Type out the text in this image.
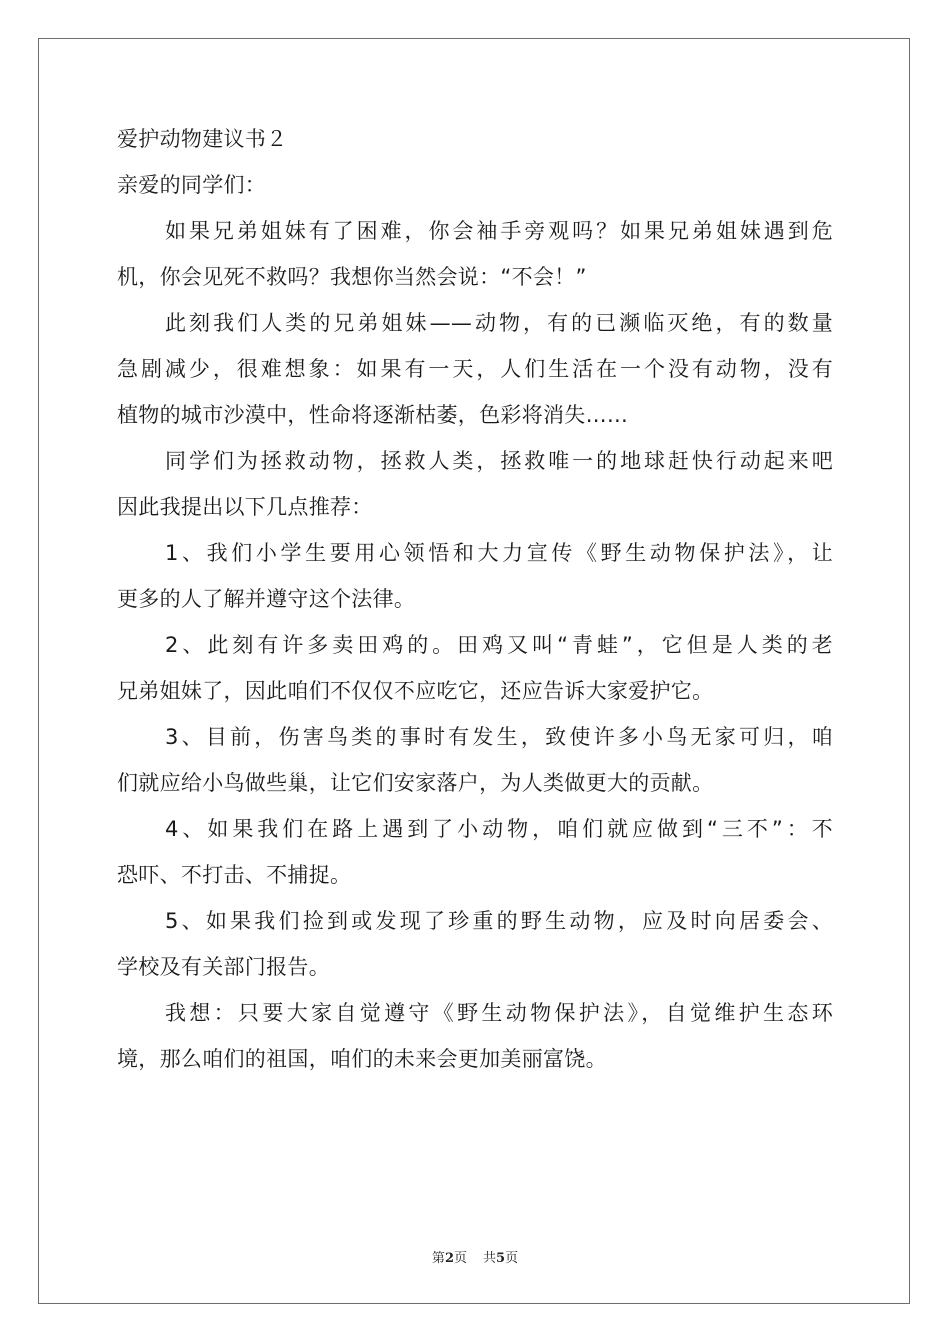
爱护动物建议书２
亲爱的同学们：
如果兄弟姐妹有了困难，你会袖手旁观吗？如果兄弟姐妹遇到危
机，你会见死不救吗？我想你当然会说：“不会！”
此刻我们人类的兄弟姐妹——动物，有的已濒临灭绝，有的数量
急剧减少，很难想象：如果有一天，人们生活在一个没有动物，没有
植物的城市沙漠中，性命将逐渐枯萎，色彩将消失……
同学们为拯救动物，拯救人类，拯救唯一的地球赶快行动起来吧
因此我提出以下几点推荐：
1、我们小学生要用心领悟和大力宣传《野生动物保护法》，让
更多的人了解并遵守这个法律。
2、此刻有许多卖田鸡的。田鸡又叫“青蛙”，它但是人类的老
兄弟姐妹了，因此咱们不仅仅不应吃它，还应告诉大家爱护它。
3、目前，伤害鸟类的事时有发生，致使许多小鸟无家可归，咱
们就应给小鸟做些巢，让它们安家落户，为人类做更大的贡献。
4、如果我们在路上遇到了小动物，咱们就应做到“三不”：不
恐吓、不打击、不捕捉。
5、如果我们捡到或发现了珍重的野生动物，应及时向居委会、
学校及有关部门报告。
我想：只要大家自觉遵守《野生动物保护法》，自觉维护生态环
境，那么咱们的祖国，咱们的未来会更加美丽富饶。
第2页 共5页
